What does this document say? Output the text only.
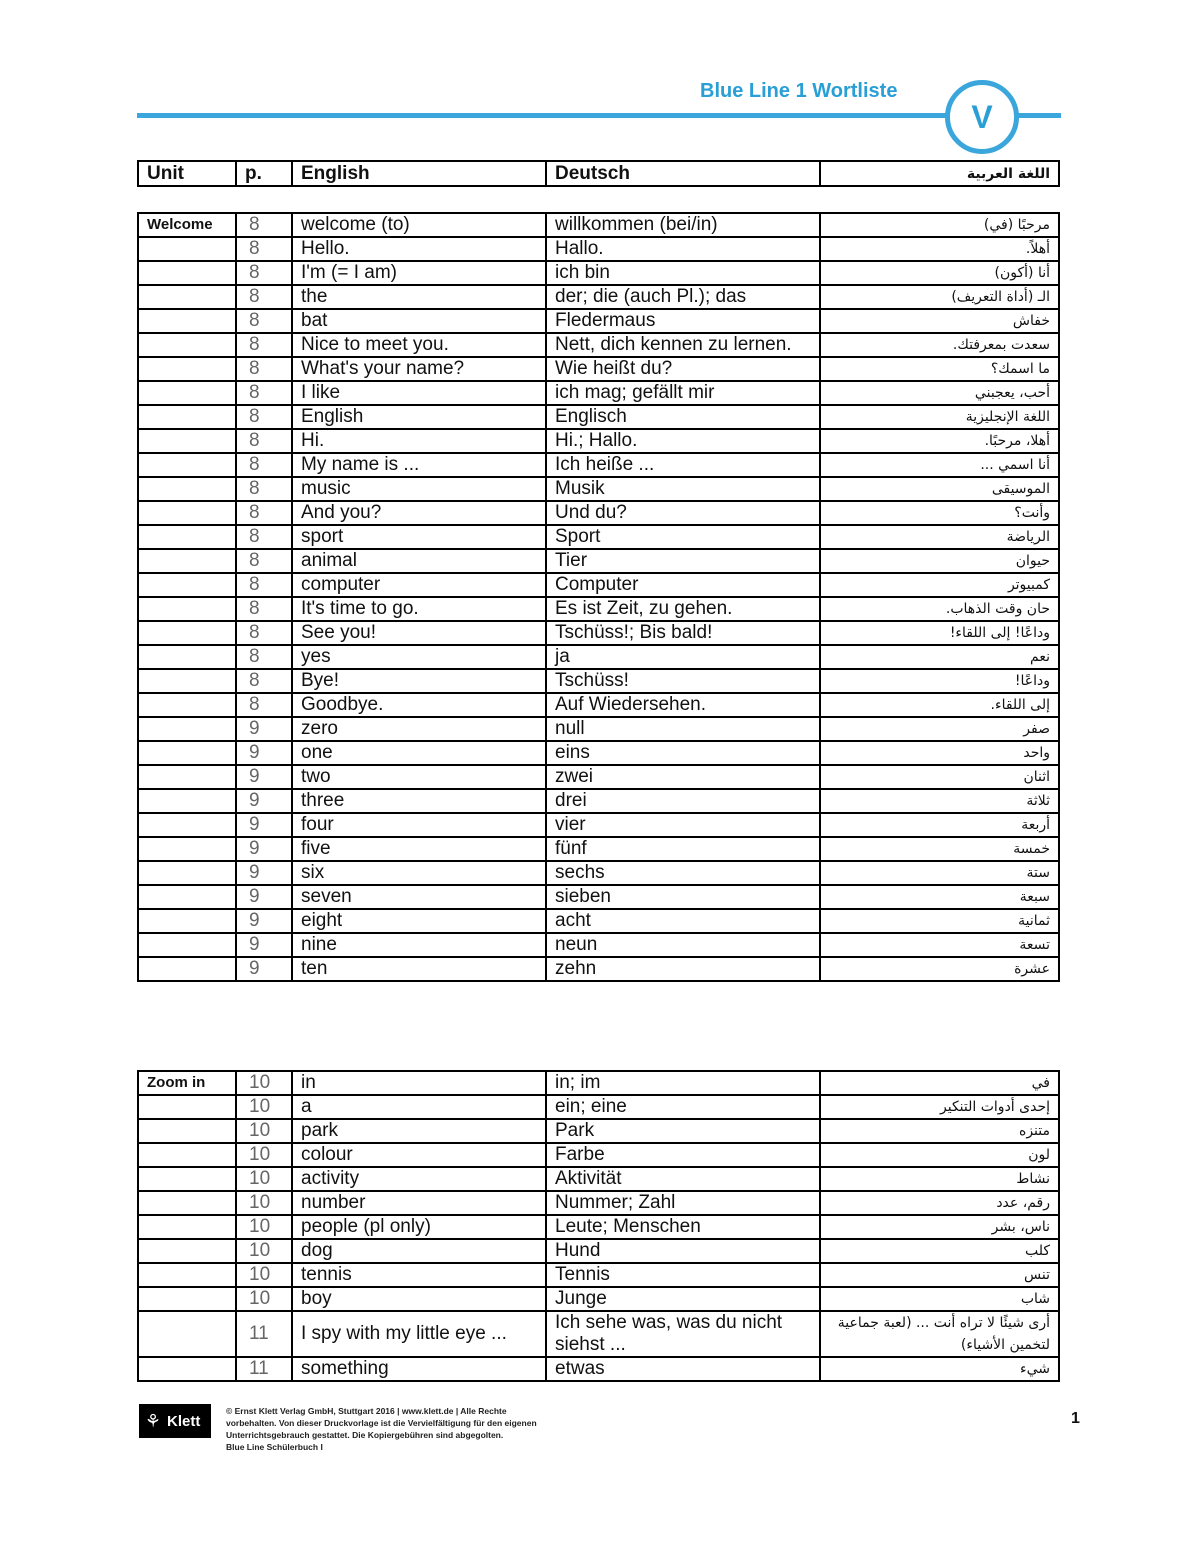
Blue Line 1 Wortliste
V
Unit	p.	English	Deutsch	اللغة العربية
Welcome	8	welcome (to)	willkommen (bei/in)	مرحبًا (في)
	8	Hello.	Hallo.	أهلاً.
	8	I'm (= I am)	ich bin	أنا (أكون)
	8	the	der; die (auch Pl.); das	الـ (أداة التعريف)
	8	bat	Fledermaus	خفاش
	8	Nice to meet you.	Nett, dich kennen zu lernen.	سعدت بمعرفتك.
	8	What's your name?	Wie heißt du?	ما اسمك؟
	8	I like	ich mag; gefällt mir	أحب، يعجبني
	8	English	Englisch	اللغة الإنجليزية
	8	Hi.	Hi.; Hallo.	أهلا، مرحبًا.
	8	My name is ...	Ich heiße ...	أنا اسمي ...
	8	music	Musik	الموسيقى
	8	And you?	Und du?	وأنت؟
	8	sport	Sport	الرياضة
	8	animal	Tier	حيوان
	8	computer	Computer	كمبيوتر
	8	It's time to go.	Es ist Zeit, zu gehen.	حان وقت الذهاب.
	8	See you!	Tschüss!; Bis bald!	وداعًا! إلى اللقاء!
	8	yes	ja	نعم
	8	Bye!	Tschüss!	وداعًا!
	8	Goodbye.	Auf Wiedersehen.	إلى اللقاء.
	9	zero	null	صفر
	9	one	eins	واحد
	9	two	zwei	اثنان
	9	three	drei	ثلاثة
	9	four	vier	أربعة
	9	five	fünf	خمسة
	9	six	sechs	ستة
	9	seven	sieben	سبعة
	9	eight	acht	ثمانية
	9	nine	neun	تسعة
	9	ten	zehn	عشرة
Zoom in	10	in	in; im	في
	10	a	ein; eine	إحدى أدوات التنكير
	10	park	Park	متنزه
	10	colour	Farbe	لون
	10	activity	Aktivität	نشاط
	10	number	Nummer; Zahl	رقم، عدد
	10	people (pl only)	Leute; Menschen	ناس، بشر
	10	dog	Hund	كلب
	10	tennis	Tennis	تنس
	10	boy	Junge	شاب
	11	I spy with my little eye ...	Ich sehe was, was du nicht siehst ...	أرى شيئًا لا تراه أنت ... (لعبة جماعية لتخمين الأشياء)
	11	something	etwas	شيء
⚘ Klett
© Ernst Klett Verlag GmbH, Stuttgart 2016 | www.klett.de | Alle Rechte
vorbehalten. Von dieser Druckvorlage ist die Vervielfältigung für den eigenen
Unterrichtsgebrauch gestattet. Die Kopiergebühren sind abgegolten.
Blue Line Schülerbuch I
1
